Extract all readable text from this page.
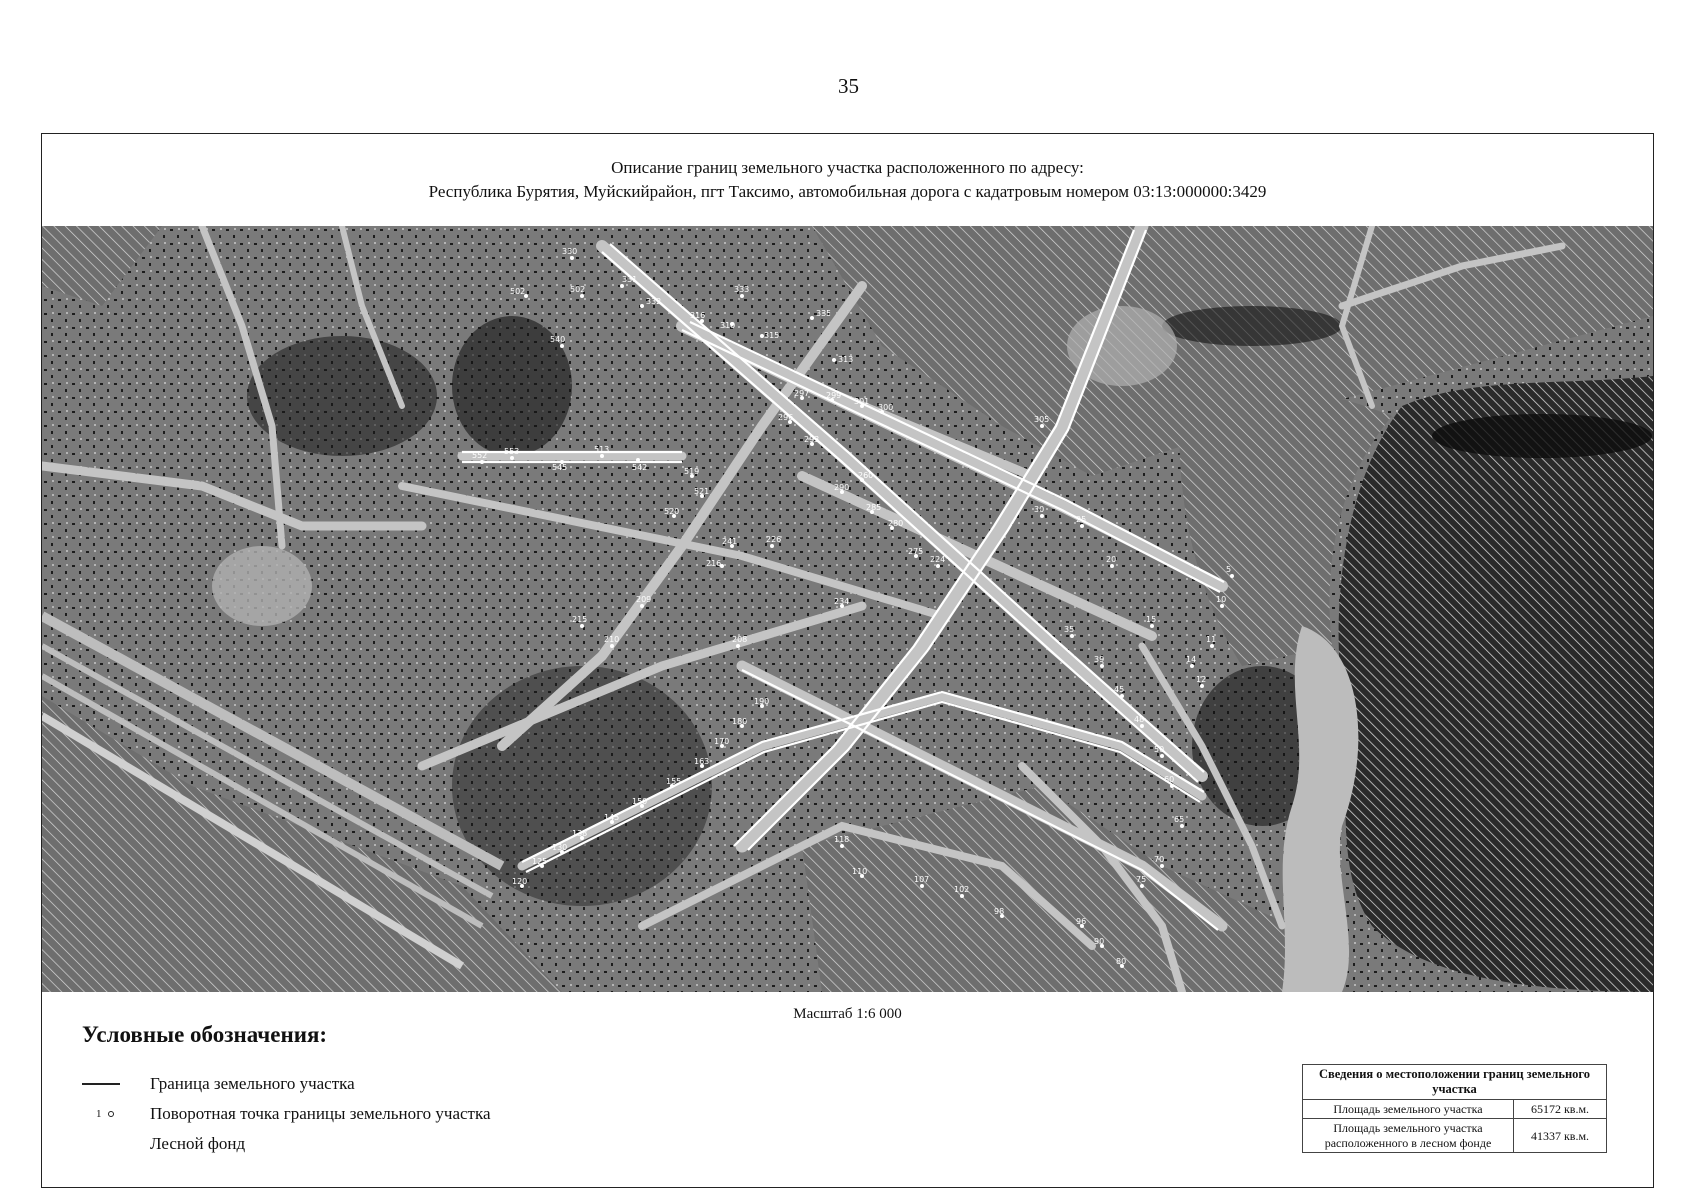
35
Описание границ земельного участка расположенного по адресу:
Республика Бурятия, Муйскийрайон, пгт Таксимо, автомобильная дорога с кадатровым номером 03:13:000000:3429
330
502
331
332
333
335
313
316
310
315
297 299
301
300
296
293
290
285
280
275
260
305
502
540
552 553	513
545	542	519
521
520
226
224
234
241
216
215
210
209
208
190
180
170
163
155
150
145
138
130
125
120
118
110
107
102
98
96
90
80
75
70
65
60
50
48
45
39
35
30
25
20
15
14
12
11
10
5
Масштаб 1:6 000
Условные обозначения:
Граница земельного участка
1	Поворотная точка границы земельного участка
Лесной фонд
Сведения о местоположении границ земельного участка	
Площадь земельного участка	65172 кв.м.
Площадь земельного участка расположенного в лесном фонде	41337 кв.м.
